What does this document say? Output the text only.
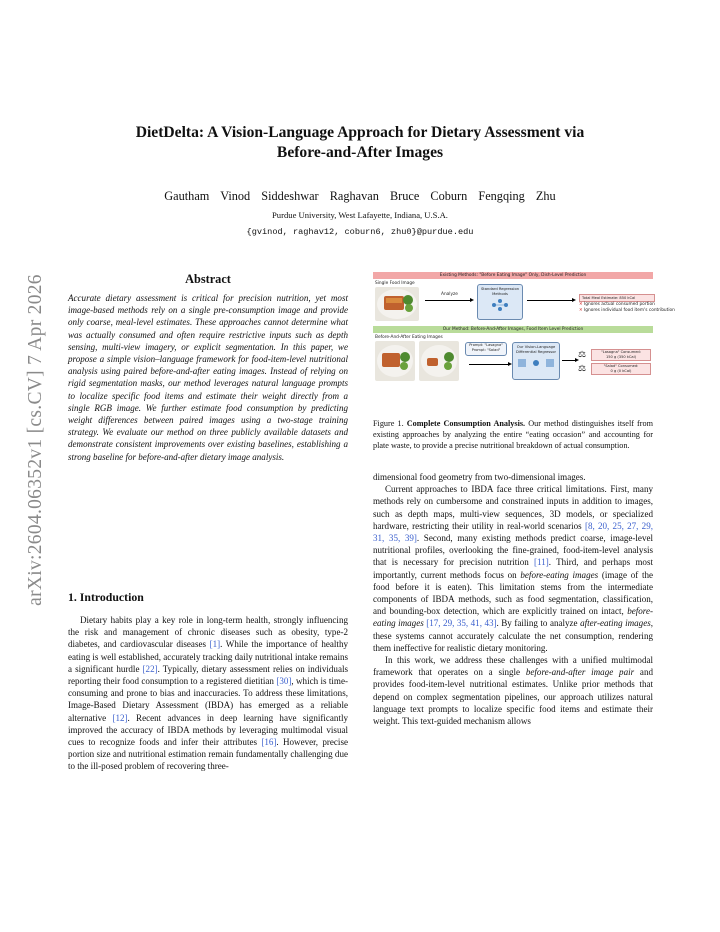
arXiv:2604.06352v1 [cs.CV] 7 Apr 2026
DietDelta: A Vision-Language Approach for Dietary Assessment via
Before-and-After Images
Gautham Vinod Siddeshwar Raghavan Bruce Coburn Fengqing Zhu
Purdue University, West Lafayette, Indiana, U.S.A.
{gvinod, raghav12, coburn6, zhu0}@purdue.edu
Abstract
Accurate dietary assessment is critical for precision nutrition, yet most image-based methods rely on a single pre-consumption image and provide only coarse, meal-level estimates. These approaches cannot determine what was actually consumed and often require restrictive inputs such as depth sensing, multi-view imagery, or explicit segmentation. In this paper, we propose a simple vision–language framework for food-item-level nutritional analysis using paired before-and-after eating images. Instead of relying on rigid segmentation masks, our method leverages natural language prompts to localize specific food items and estimate their weight directly from a single RGB image. We further estimate food consumption by predicting weight differences between paired images using a two-stage training strategy. We evaluate our method on three publicly available datasets and demonstrate consistent improvements over existing baselines, establishing a strong baseline for before-and-after dietary image analysis.
1. Introduction

Dietary habits play a key role in long-term health, strongly influencing the risk and management of chronic diseases such as obesity, type-2 diabetes, and cardiovascular diseases [1]. While the importance of healthy eating is well established, accurately tracking daily nutritional intake remains a significant hurdle [22]. Typically, dietary assessment relies on individuals reporting their food consumption to a registered dietitian [30], which is time-consuming and prone to bias and inaccuracies. To address these limitations, Image-Based Dietary Assessment (IBDA) has emerged as a reliable alternative [12]. Recent advances in deep learning have significantly improved the accuracy of IBDA methods by leveraging multimodal visual cues to recognize foods and infer their attributes [16]. However, precise portion size and nutritional estimation remain fundamentally challenging due to the ill-posed problem of recovering three-

Existing Methods: "Before Eating Image" Only, Dish-Level Prediction
Single Food Image
Analyze
Standard Regression Methods
Total Meal Estimate: 850 kCal
✕ Ignores actual consumed portion
✕ Ignores individual food item's contribution
Our Method: Before-And-After Images, Food Item Level Prediction
Before-And-After Eating Images
Prompt: "Lasagna"
Prompt: "Salad"
Our Vision-Language Differential Regressor	⚖
⚖
"Lasagna" Consumed:
150 g (350 kCal)
"Salad" Consumed:
0 g (0 kCal)
Figure 1. Complete Consumption Analysis. Our method distinguishes itself from existing approaches by analyzing the entire “eating occasion” and accounting for plate waste, to provide a precise nutritional breakdown of actual consumption.

dimensional food geometry from two-dimensional images.

Current approaches to IBDA face three critical limitations. First, many methods rely on cumbersome and constrained inputs in addition to images, such as depth maps, multi-view sequences, 3D models, or specialized hardware, restricting their utility in real-world scenarios [8, 20, 25, 27, 29, 31, 35, 39]. Second, many existing methods predict coarse, image-level nutritional profiles, overlooking the fine-grained, food-item-level analysis that is necessary for precision nutrition [11]. Third, and perhaps most importantly, current methods focus on before-eating images (image of the food before it is eaten). This limitation stems from the intermediate components of IBDA methods, such as food segmentation, classification, and bounding-box detection, which are explicitly trained on intact, before-eating images [17, 29, 35, 41, 43]. By failing to analyze after-eating images, these systems cannot accurately calculate the net consumption, rendering them ineffective for realistic dietary monitoring.

In this work, we address these challenges with a unified multimodal framework that operates on a single before-and-after image pair and provides food-item-level nutritional estimates. Unlike prior methods that depend on complex segmentation pipelines, our approach utilizes natural language text prompts to localize specific food items and estimate their weight. This text-guided mechanism allows
